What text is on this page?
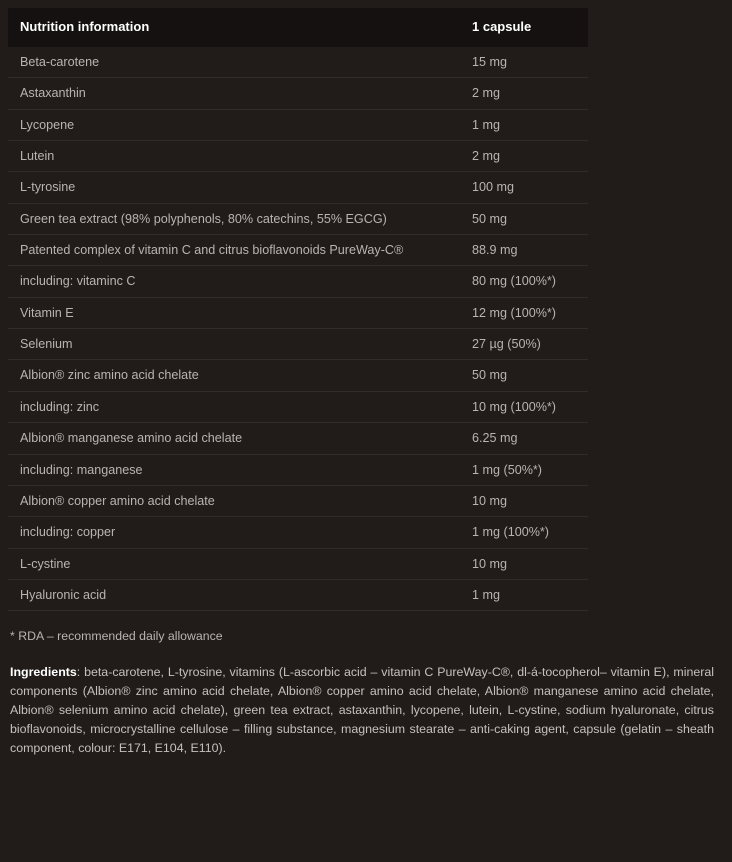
Nutrition information	1 capsule
Beta-carotene	15 mg
Astaxanthin	2 mg
Lycopene	1 mg
Lutein	2 mg
L-tyrosine	100 mg
Green tea extract (98% polyphenols, 80% catechins, 55% EGCG)	50 mg
Patented complex of vitamin C and citrus bioflavonoids PureWay-C®	88.9 mg
including: vitaminc C	80 mg (100%*)
Vitamin E	12 mg (100%*)
Selenium	27 µg (50%)
Albion® zinc amino acid chelate	50 mg
including: zinc	10 mg (100%*)
Albion® manganese amino acid chelate	6.25 mg
including: manganese	1 mg (50%*)
Albion® copper amino acid chelate	10 mg
including: copper	1 mg (100%*)
L-cystine	10 mg
Hyaluronic acid	1 mg
* RDA – recommended daily allowance
Ingredients: beta-carotene, L-tyrosine, vitamins (L-ascorbic acid – vitamin C PureWay-C®, dl-á-tocopherol– vitamin E), mineral components (Albion® zinc amino acid chelate, Albion® copper amino acid chelate, Albion® manganese amino acid chelate, Albion® selenium amino acid chelate), green tea extract, astaxanthin, lycopene, lutein, L-cystine, sodium hyaluronate, citrus bioflavonoids, microcrystalline cellulose – filling substance, magnesium stearate – anti-caking agent, capsule (gelatin – sheath component, colour: E171, E104, E110).
